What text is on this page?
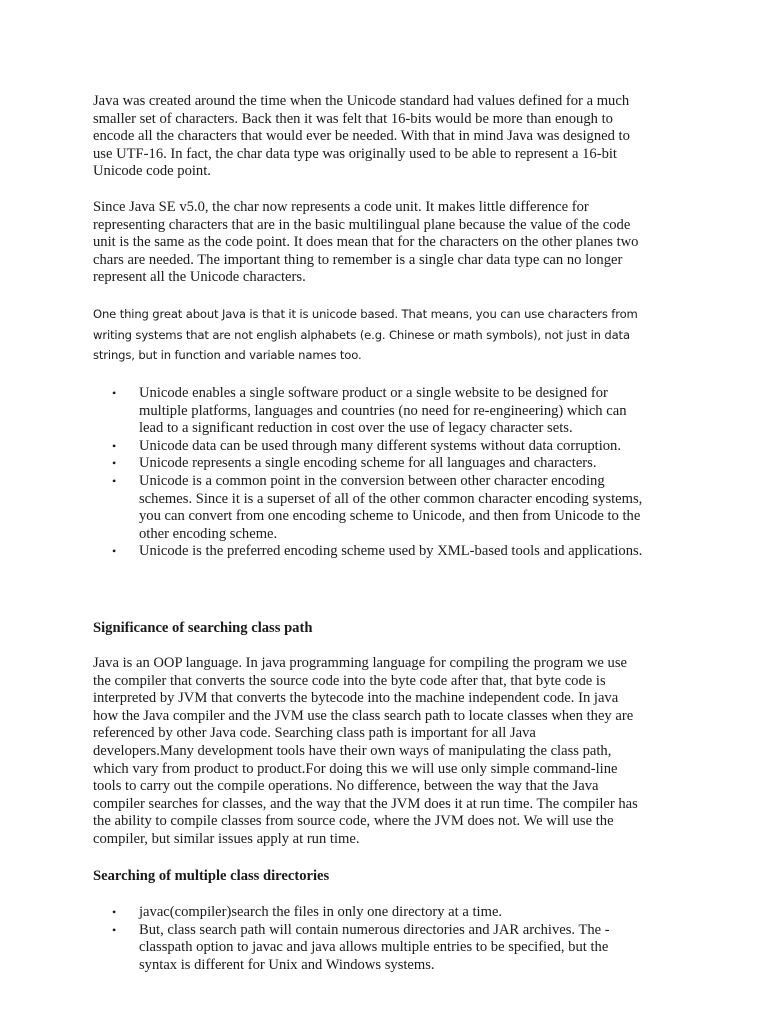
Java was created around the time when the Unicode standard had values defined for a much
smaller set of characters. Back then it was felt that 16-bits would be more than enough to
encode all the characters that would ever be needed. With that in mind Java was designed to
use UTF-16. In fact, the char data type was originally used to be able to represent a 16-bit
Unicode code point.

Since Java SE v5.0, the char now represents a code unit. It makes little difference for
representing characters that are in the basic multilingual plane because the value of the code
unit is the same as the code point. It does mean that for the characters on the other planes two
chars are needed. The important thing to remember is a single char data type can no longer
represent all the Unicode characters.

One thing great about Java is that it is unicode based. That means, you can use characters from
writing systems that are not english alphabets (e.g. Chinese or math symbols), not just in data
strings, but in function and variable names too.

• Unicode enables a single software product or a single website to be designed for
multiple platforms, languages and countries (no need for re-engineering) which can
lead to a significant reduction in cost over the use of legacy character sets.
• Unicode data can be used through many different systems without data corruption.
• Unicode represents a single encoding scheme for all languages and characters.
• Unicode is a common point in the conversion between other character encoding
schemes. Since it is a superset of all of the other common character encoding systems,
you can convert from one encoding scheme to Unicode, and then from Unicode to the
other encoding scheme.
• Unicode is the preferred encoding scheme used by XML-based tools and applications.

Significance of searching class path

Java is an OOP language. In java programming language for compiling the program we use
the compiler that converts the source code into the byte code after that, that byte code is
interpreted by JVM that converts the bytecode into the machine independent code. In java
how the Java compiler and the JVM use the class search path to locate classes when they are
referenced by other Java code. Searching class path is important for all Java
developers.Many development tools have their own ways of manipulating the class path,
which vary from product to product.For doing this we will use only simple command-line
tools to carry out the compile operations. No difference, between the way that the Java
compiler searches for classes, and the way that the JVM does it at run time. The compiler has
the ability to compile classes from source code, where the JVM does not. We will use the
compiler, but similar issues apply at run time.

Searching of multiple class directories

• javac(compiler)search the files in only one directory at a time.
• But, class search path will contain numerous directories and JAR archives. The -
classpath option to javac and java allows multiple entries to be specified, but the
syntax is different for Unix and Windows systems.
